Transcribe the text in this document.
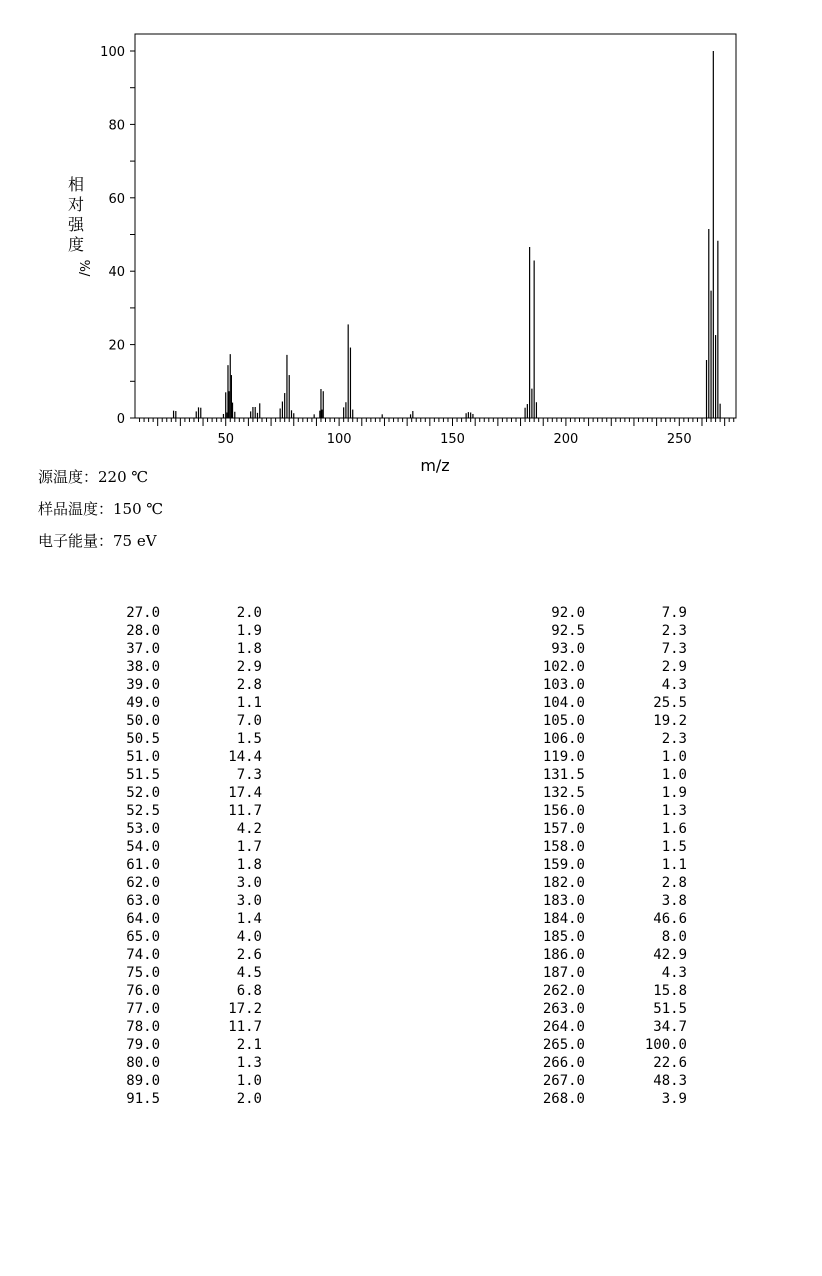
0
20
40
60
80
100
50	100	150	200	250
m/z
相
对
强
度
%/
源温度：220 ℃
样品温度：150 ℃
电子能量：75 eV
27.0	2.0
28.0	1.9
37.0	1.8
38.0	2.9
39.0	2.8
49.0	1.1
50.0	7.0
50.5	1.5
51.0	14.4
51.5	7.3
52.0	17.4
52.5	11.7
53.0	4.2
54.0	1.7
61.0	1.8
62.0	3.0
63.0	3.0
64.0	1.4
65.0	4.0
74.0	2.6
75.0	4.5
76.0	6.8
77.0	17.2
78.0	11.7
79.0	2.1
80.0	1.3
89.0	1.0
91.5	2.0
92.0	7.9
92.5	2.3
93.0	7.3
102.0	2.9
103.0	4.3
104.0	25.5
105.0	19.2
106.0	2.3
119.0	1.0
131.5	1.0
132.5	1.9
156.0	1.3
157.0	1.6
158.0	1.5
159.0	1.1
182.0	2.8
183.0	3.8
184.0	46.6
185.0	8.0
186.0	42.9
187.0	4.3
262.0	15.8
263.0	51.5
264.0	34.7
265.0	100.0
266.0	22.6
267.0	48.3
268.0	3.9
